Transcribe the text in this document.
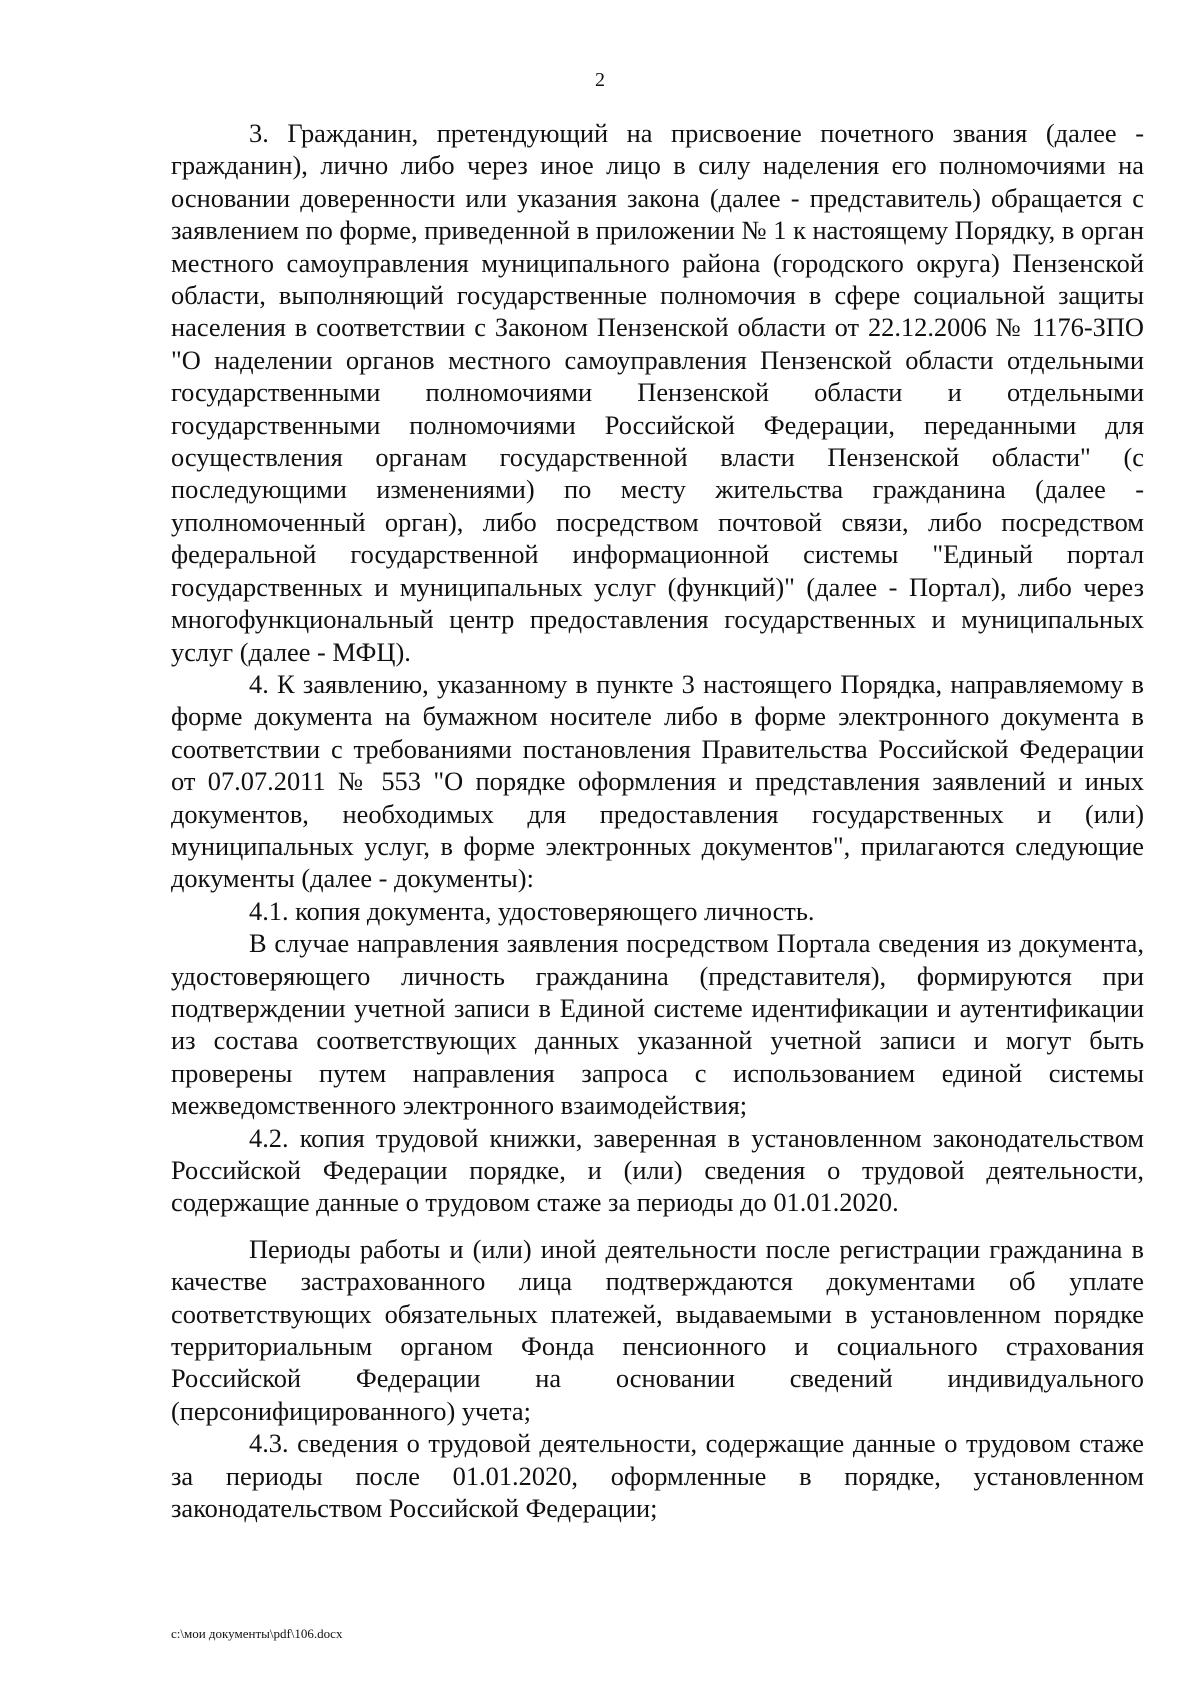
2

3. Гражданин, претендующий на присвоение почетного звания (далее - гражданин), лично либо через иное лицо в силу наделения его полномочиями на основании доверенности или указания закона (далее - представитель) обращается с заявлением по форме, приведенной в приложении № 1 к настоящему Порядку, в орган местного самоуправления муниципального района (городского округа) Пензенской области, выполняющий государственные полномочия в сфере социальной защиты населения в соответствии с Законом Пензенской области от 22.12.2006 № 1176-ЗПО "О наделении органов местного самоуправления Пензенской области отдельными государственными полномочиями Пензенской области и отдельными государственными полномочиями Российской Федерации, переданными для осуществления органам государственной власти Пензенской области" (с последующими изменениями) по месту жительства гражданина (далее - уполномоченный орган), либо посредством почтовой связи, либо посредством федеральной государственной информационной системы "Единый портал государственных и муниципальных услуг (функций)" (далее - Портал), либо через многофункциональный центр предоставления государственных и муниципальных услуг (далее - МФЦ).

4. К заявлению, указанному в пункте 3 настоящего Порядка, направляемому в форме документа на бумажном носителе либо в форме электронного документа в соответствии с требованиями постановления Правительства Российской Федерации от 07.07.2011 № 553 "О порядке оформления и представления заявлений и иных документов, необходимых для предоставления государственных и (или) муниципальных услуг, в форме электронных документов", прилагаются следующие документы (далее - документы):

4.1. копия документа, удостоверяющего личность.

В случае направления заявления посредством Портала сведения из документа, удостоверяющего личность гражданина (представителя), формируются при подтверждении учетной записи в Единой системе идентификации и аутентификации из состава соответствующих данных указанной учетной записи и могут быть проверены путем направления запроса с использованием единой системы межведомственного электронного взаимодействия;

4.2. копия трудовой книжки, заверенная в установленном законодательством Российской Федерации порядке, и (или) сведения о трудовой деятельности, содержащие данные о трудовом стаже за периоды до 01.01.2020.

Периоды работы и (или) иной деятельности после регистрации гражданина в качестве застрахованного лица подтверждаются документами об уплате соответствующих обязательных платежей, выдаваемыми в установленном порядке территориальным органом Фонда пенсионного и социального страхования Российской Федерации на основании сведений индивидуального (персонифицированного) учета;

4.3. сведения о трудовой деятельности, содержащие данные о трудовом стаже за периоды после 01.01.2020, оформленные в порядке, установленном законодательством Российской Федерации;

c:\мои документы\pdf\106.docx
